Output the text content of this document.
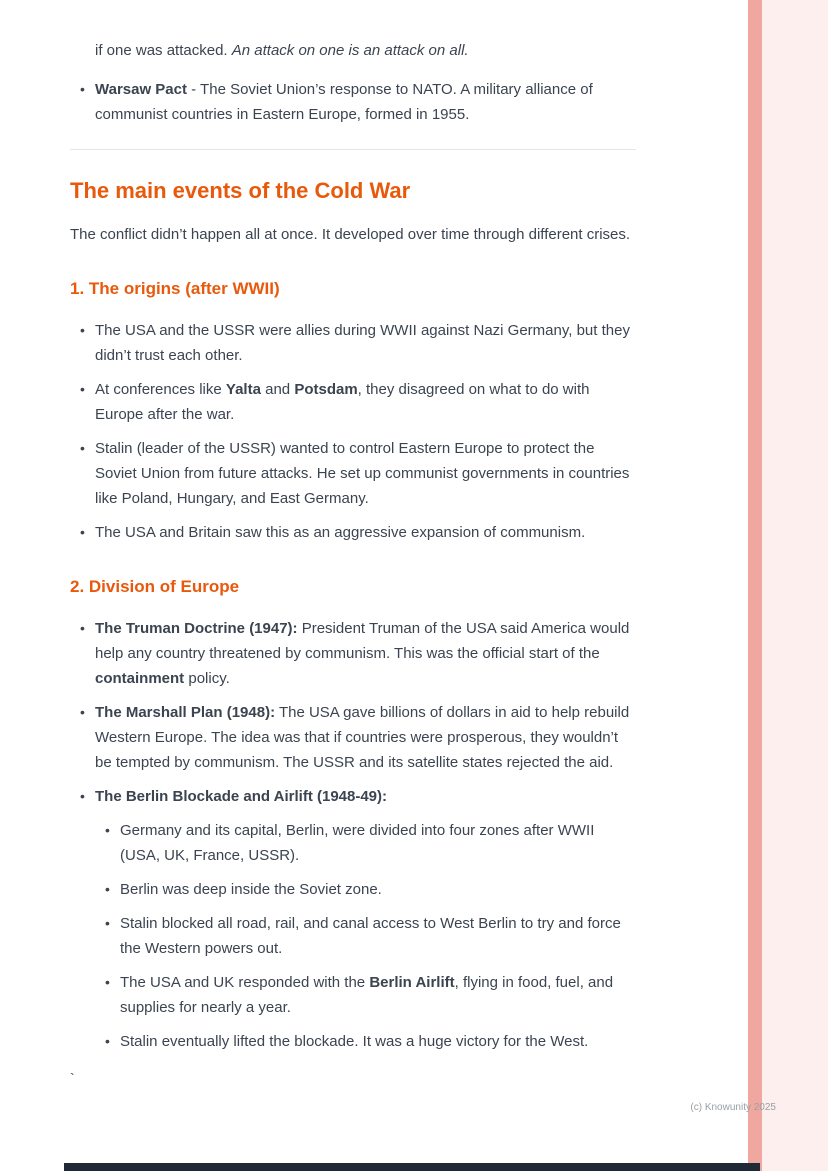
if one was attacked. An attack on one is an attack on all.

• Warsaw Pact - The Soviet Union’s response to NATO. A military alliance of communist countries in Eastern Europe, formed in 1955.
The main events of the Cold War

The conflict didn’t happen all at once. It developed over time through different crises.

1. The origins (after WWII)
• The USA and the USSR were allies during WWII against Nazi Germany, but they didn’t trust each other.
• At conferences like Yalta and Potsdam, they disagreed on what to do with Europe after the war.
• Stalin (leader of the USSR) wanted to control Eastern Europe to protect the Soviet Union from future attacks. He set up communist governments in countries like Poland, Hungary, and East Germany.
• The USA and Britain saw this as an aggressive expansion of communism.
2. Division of Europe
• The Truman Doctrine (1947): President Truman of the USA said America would help any country threatened by communism. This was the official start of the containment policy.
• The Marshall Plan (1948): The USA gave billions of dollars in aid to help rebuild Western Europe. The idea was that if countries were prosperous, they wouldn’t be tempted by communism. The USSR and its satellite states rejected the aid.
• The Berlin Blockade and Airlift (1948-49):
• Germany and its capital, Berlin, were divided into four zones after WWII (USA, UK, France, USSR).
• Berlin was deep inside the Soviet zone.
• Stalin blocked all road, rail, and canal access to West Berlin to try and force the Western powers out.
• The USA and UK responded with the Berlin Airlift, flying in food, fuel, and supplies for nearly a year.
• Stalin eventually lifted the blockade. It was a huge victory for the West.
`
(c) Knowunity 2025
